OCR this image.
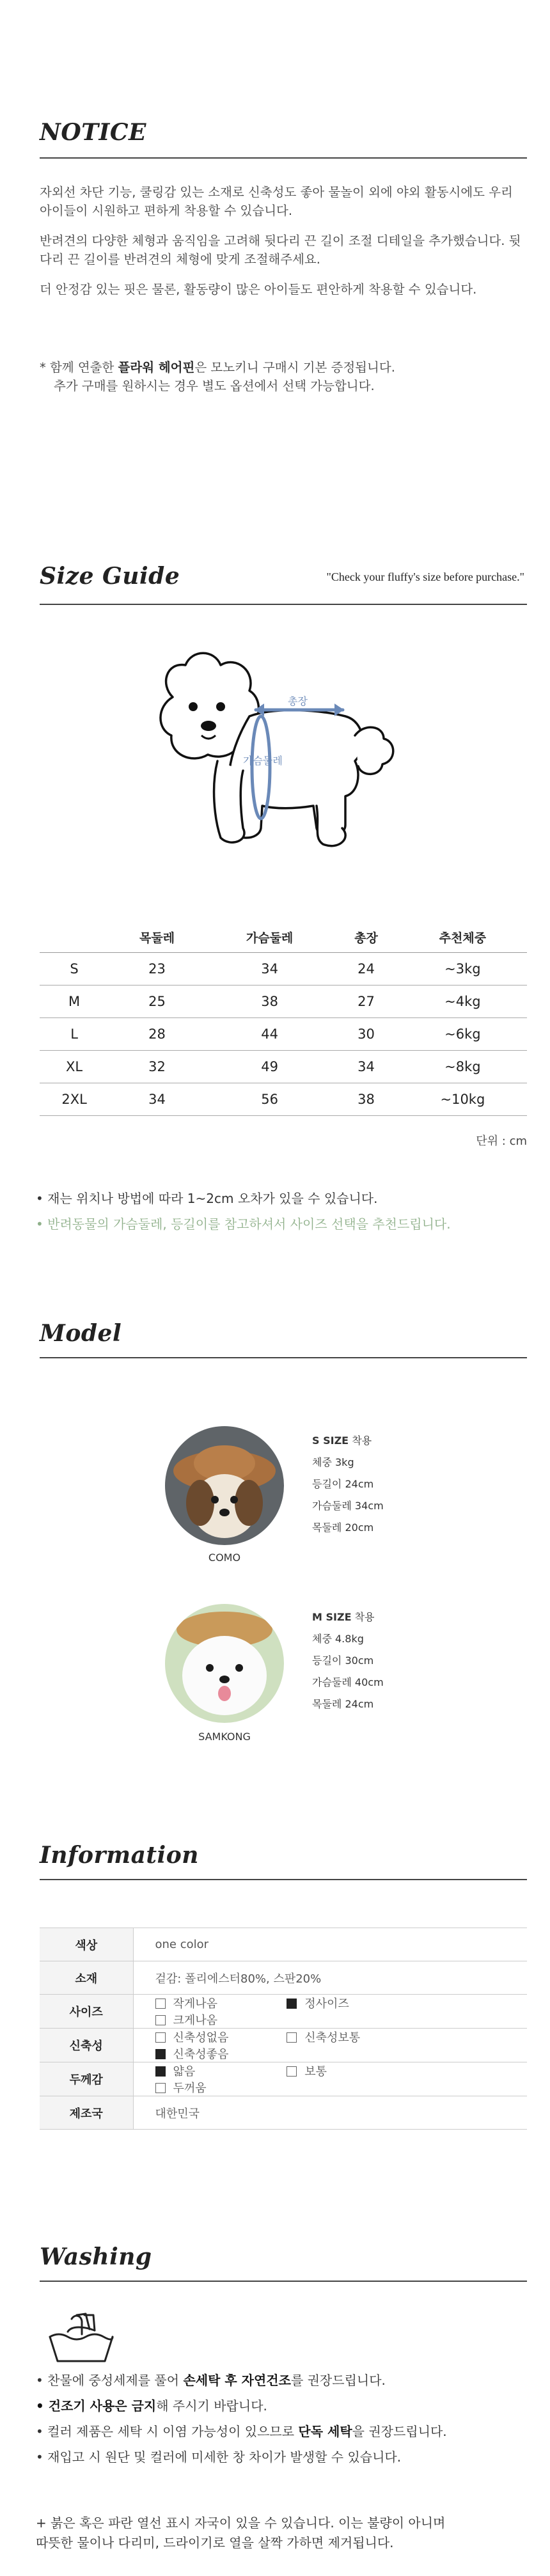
NOTICE
자외선 차단 기능, 쿨링감 있는 소재로 신축성도 좋아 물놀이 외에 야외 활동시에도 우리 아이들이 시원하고 편하게 착용할 수 있습니다.
반려견의 다양한 체형과 움직임을 고려해 뒷다리 끈 길이 조절 디테일을 추가했습니다. 뒷다리 끈 길이를 반려견의 체형에 맞게 조절해주세요.
더 안정감 있는 핏은 물론, 활동량이 많은 아이들도 편안하게 착용할 수 있습니다.
* 함께 연출한 플라워 헤어핀은 모노키니 구매시 기본 증정됩니다.
추가 구매를 원하시는 경우 별도 옵션에서 선택 가능합니다.
Size Guide	"Check your fluffy's size before purchase."
총장
가슴둘레
	목둘레	가슴둘레	총장	추천체중
S	23	34	24	~3kg
M	25	38	27	~4kg
L	28	44	30	~6kg
XL	32	49	34	~8kg
2XL	34	56	38	~10kg
단위 : cm
• 재는 위치나 방법에 따라 1~2cm 오차가 있을 수 있습니다.
• 반려동물의 가슴둘레, 등길이를 참고하셔서 사이즈 선택을 추천드립니다.
Model
COMO
S SIZE 착용
체중 3kg
등길이 24cm
가슴둘레 34cm
목둘레 20cm
SAMKONG
M SIZE 착용
체중 4.8kg
등길이 30cm
가슴둘레 40cm
목둘레 24cm
Information
색상	one color
소재	겉감: 폴리에스터80%, 스판20%
사이즈	작게나옴 정사이즈 크게나옴
신축성	신축성없음 신축성보통 신축성좋음
두께감	얇음 보통 두꺼움
제조국	대한민국
Washing
• 찬물에 중성세제를 풀어 손세탁 후 자연건조를 권장드립니다.
• 건조기 사용은 금지해 주시기 바랍니다.
• 컬러 제품은 세탁 시 이염 가능성이 있으므로 단독 세탁을 권장드립니다.
• 재입고 시 원단 및 컬러에 미세한 창 차이가 발생할 수 있습니다.
+ 붉은 혹은 파란 열선 표시 자국이 있을 수 있습니다. 이는 불량이 아니며
따뜻한 물이나 다리미, 드라이기로 열을 살짝 가하면 제거됩니다.
